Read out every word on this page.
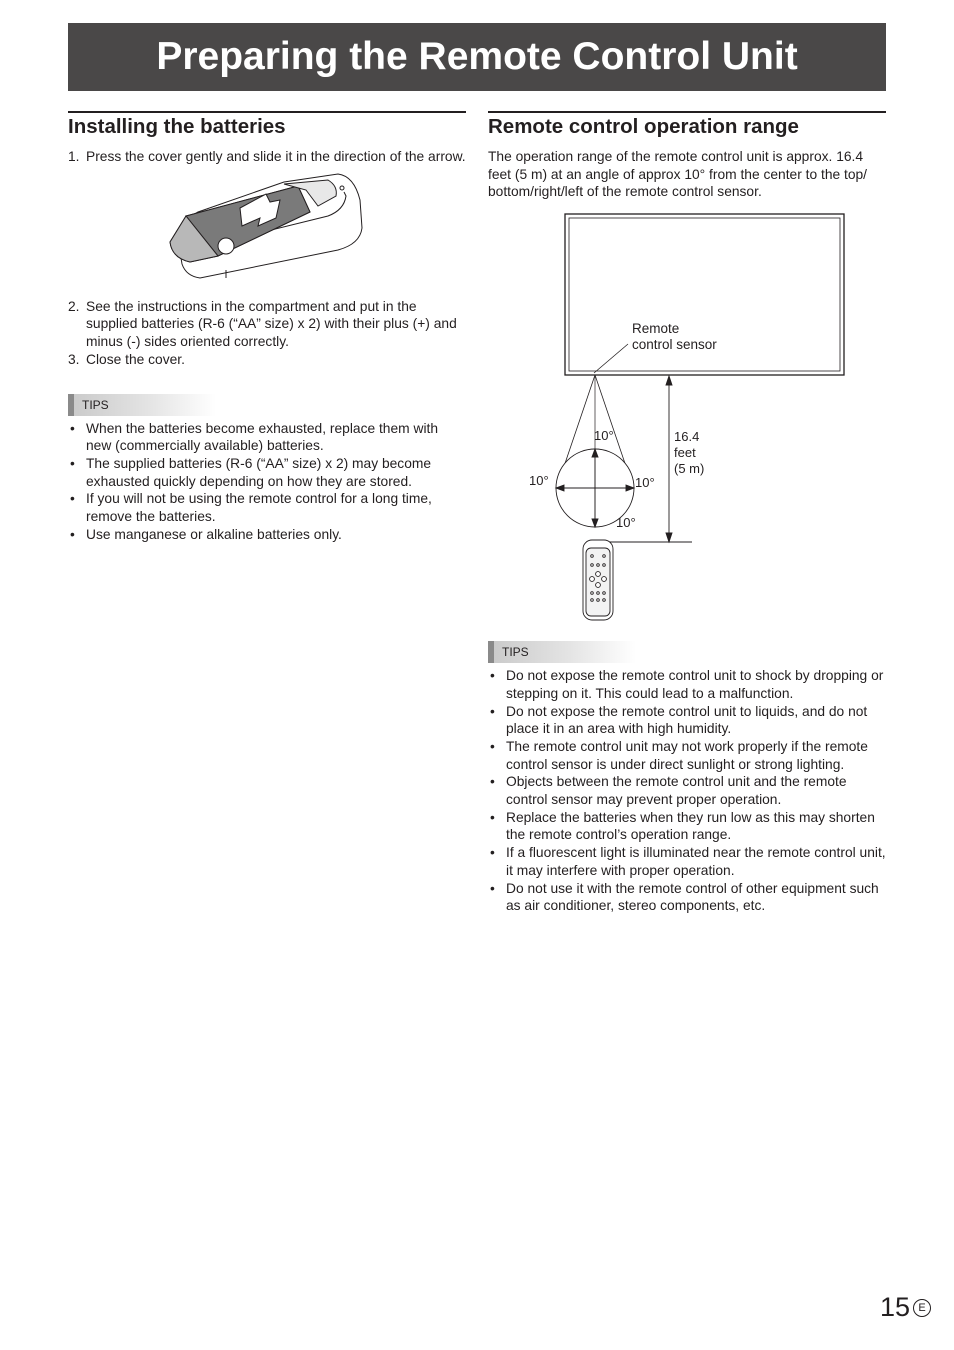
Preparing the Remote Control Unit
Installing the batteries
1. Press the cover gently and slide it in the direction of the arrow.
2. See the instructions in the compartment and put in the supplied batteries (R-6 (“AA” size) x 2) with their plus (+) and minus (-) sides oriented correctly.
3. Close the cover.
TIPS
• When the batteries become exhausted, replace them with new (commercially available) batteries.
• The supplied batteries (R-6 (“AA” size) x 2) may become exhausted quickly depending on how they are stored.
• If you will not be using the remote control for a long time, remove the batteries.
• Use manganese or alkaline batteries only.
Remote control operation range

The operation range of the remote control unit is approx. 16.4 feet (5 m) at an angle of approx 10° from the center to the top/ bottom/right/left of the remote control sensor.

Remote
control sensor
10°
10°	10°
10°
16.4
feet
(5 m)
TIPS
• Do not expose the remote control unit to shock by dropping or stepping on it. This could lead to a malfunction.
• Do not expose the remote control unit to liquids, and do not place it in an area with high humidity.
• The remote control unit may not work properly if the remote control sensor is under direct sunlight or strong lighting.
• Objects between the remote control unit and the remote control sensor may prevent proper operation.
• Replace the batteries when they run low as this may shorten the remote control’s operation range.
• If a fluorescent light is illuminated near the remote control unit, it may interfere with proper operation.
• Do not use it with the remote control of other equipment such as air conditioner, stereo components, etc.
15 E
